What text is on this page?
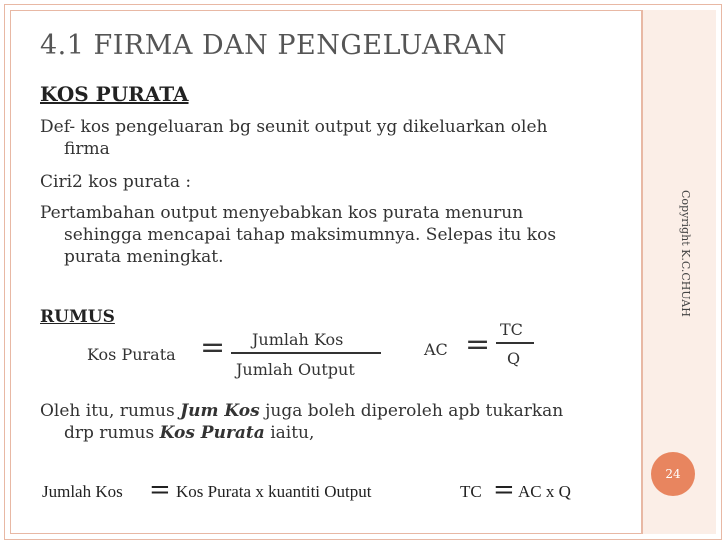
Copyright K.C.CHUAH
24
4.1 FIRMA DAN PENGELUARAN
KOS PURATA
Def- kos pengeluaran bg seunit output yg dikeluarkan oleh
firma
Ciri2 kos purata :
Pertambahan output menyebabkan kos purata menurun
sehingga mencapai tahap maksimumnya. Selepas itu kos
purata meningkat.
RUMUS
Kos Purata = Jumlah Kos
Jumlah Output
AC = TC
Q
Oleh itu, rumus Jum Kos juga boleh diperoleh apb tukarkan
drp rumus Kos Purata iaitu,
Jumlah Kos = Kos Purata x kuantiti Output	TC = AC x Q
